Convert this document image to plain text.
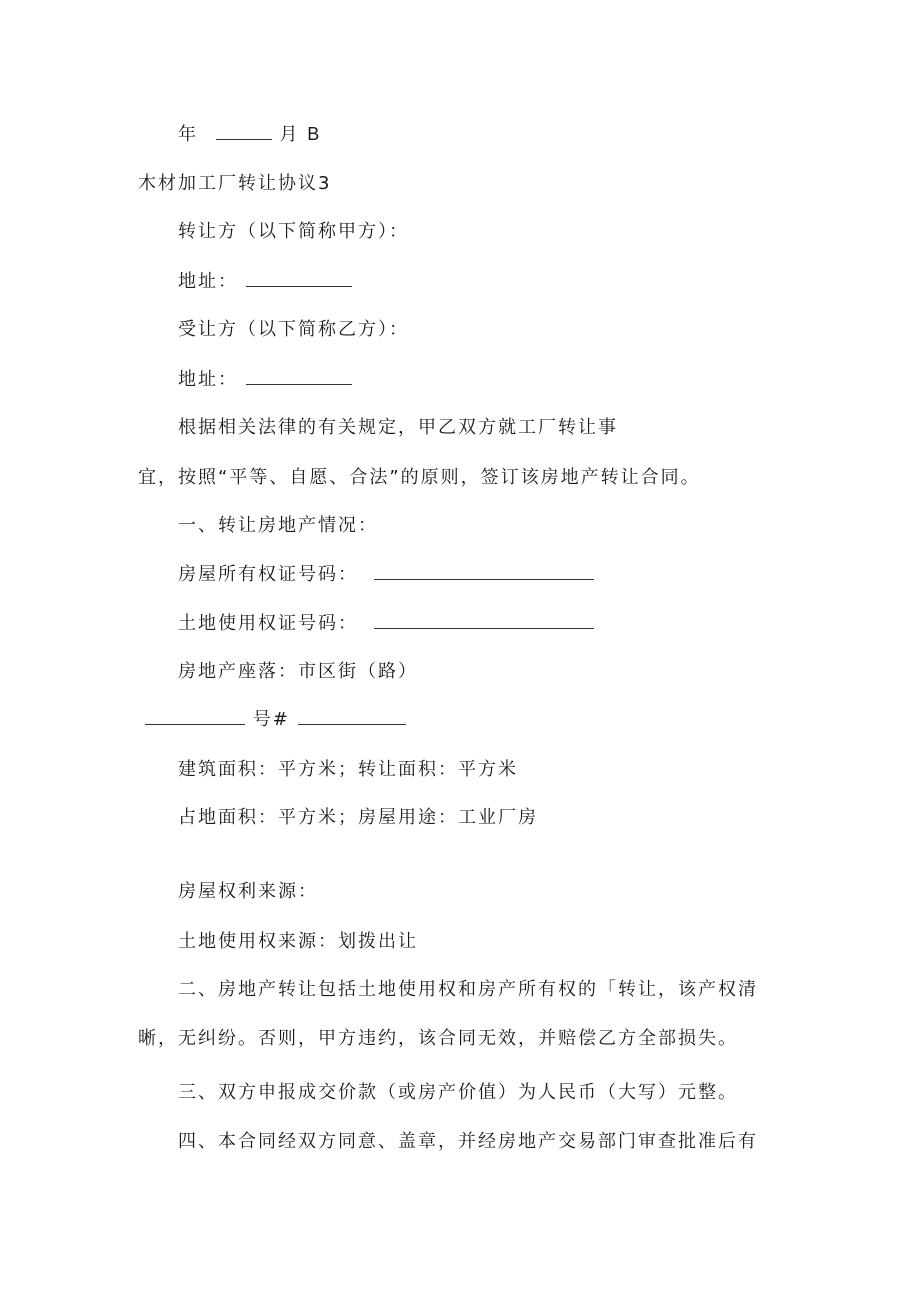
年	月 B
木材加工厂转让协议3
转让方（以下简称甲方）：
地址：
受让方（以下简称乙方）：
地址：
根据相关法律的有关规定，甲乙双方就工厂转让事
宜，按照“平等、自愿、合法”的原则，签订该房地产转让合同。
一、转让房地产情况：
房屋所有权证号码：
土地使用权证号码：
房地产座落：市区街（路）
号#
建筑面积：平方米；转让面积：平方米
占地面积：平方米；房屋用途：工业厂房
房屋权利来源：
土地使用权来源：划拨出让
二、房地产转让包括土地使用权和房产所有权的「转让，该产权清
晰，无纠纷。否则，甲方违约，该合同无效，并赔偿乙方全部损失。
三、双方申报成交价款（或房产价值）为人民币（大写）元整。
四、本合同经双方同意、盖章，并经房地产交易部门审查批准后有
